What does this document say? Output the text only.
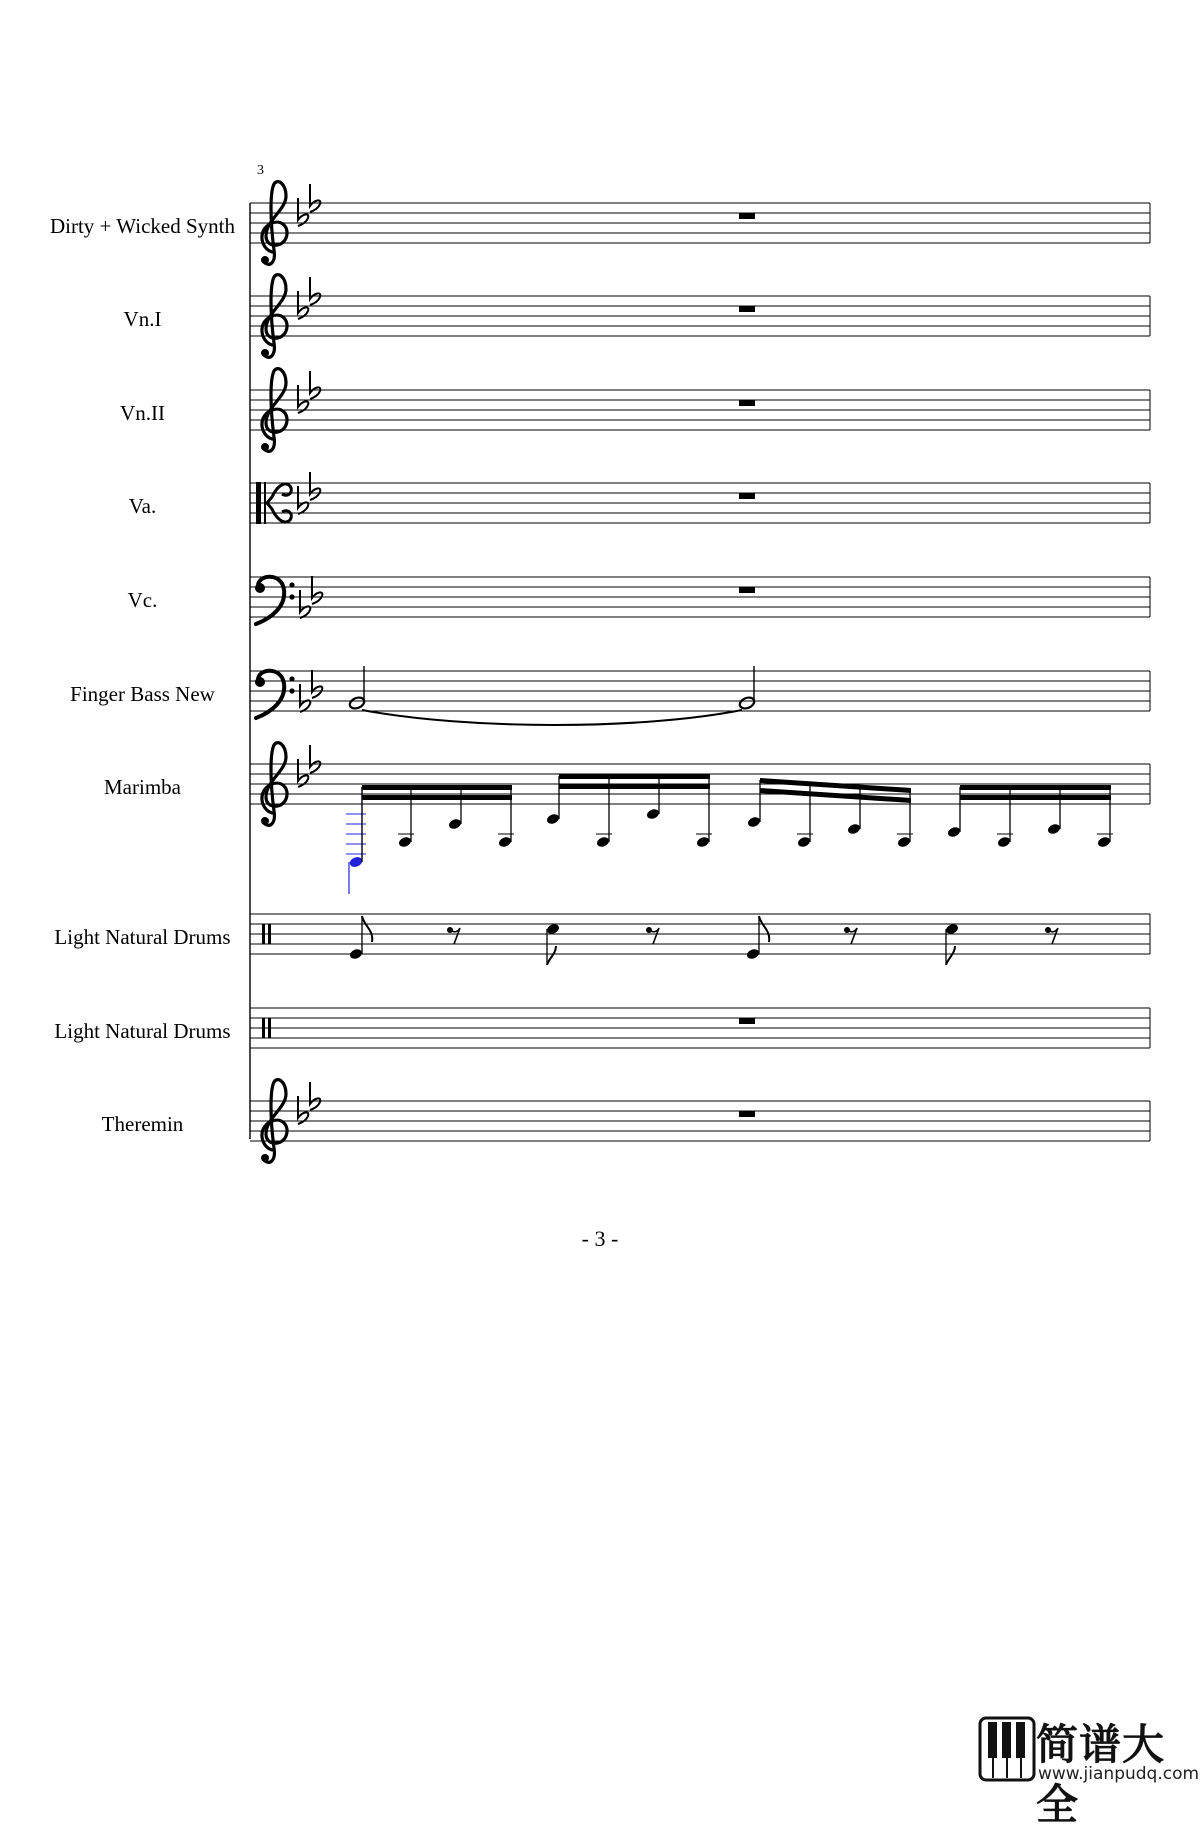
3
Dirty + Wicked Synth
Vn.I
Vn.II
Va.
Vc.
Finger Bass New
Marimba
Light Natural Drums
Light Natural Drums
Theremin
- 3 -
简谱大全
www.jianpudq.com
